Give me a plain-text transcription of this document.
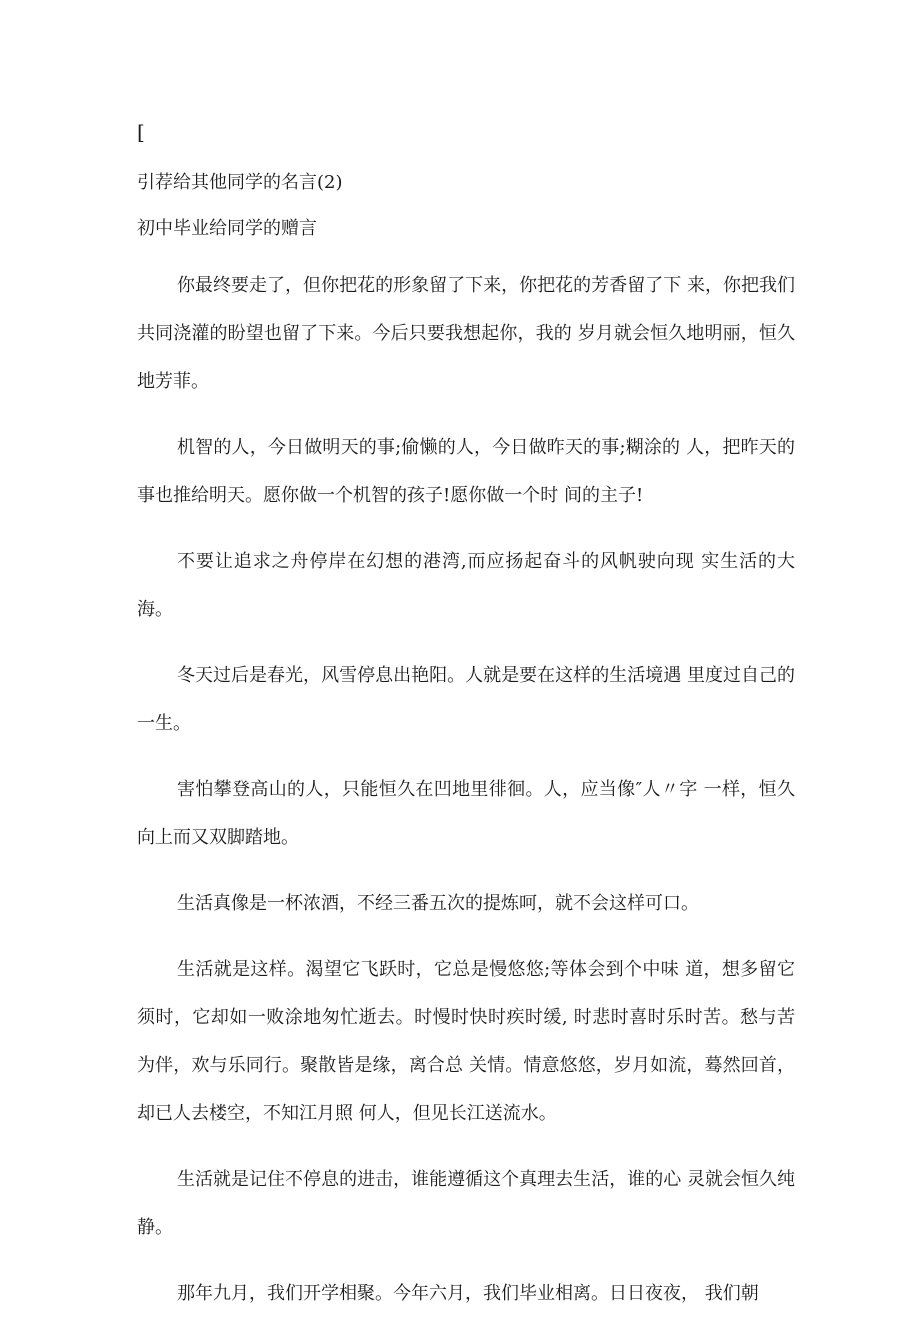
[

引荐给其他同学的名言(2)

初中毕业给同学的赠言

你最终要走了，但你把花的形象留了下来，你把花的芳香留了下 来，你把我们共同浇灌的盼望也留了下来。今后只要我想起你，我的 岁月就会恒久地明丽，恒久地芳菲。

机智的人，今日做明天的事;偷懒的人，今日做昨天的事;糊涂的 人，把昨天的事也推给明天。愿你做一个机智的孩子!愿你做一个时 间的主子!

不要让追求之舟停岸在幻想的港湾,而应扬起奋斗的风帆驶向现 实生活的大海。

冬天过后是春光，风雪停息出艳阳。人就是要在这样的生活境遇 里度过自己的一生。

害怕攀登高山的人，只能恒久在凹地里徘徊。人，应当像″人〃字 一样，恒久向上而又双脚踏地。

生活真像是一杯浓酒，不经三番五次的提炼呵，就不会这样可口。

生活就是这样。渴望它飞跃时，它总是慢悠悠;等体会到个中味 道，想多留它须时，它却如一败涂地匆忙逝去。时慢时快时疾时缓, 时悲时喜时乐时苦。愁与苦为伴，欢与乐同行。聚散皆是缘，离合总 关情。情意悠悠，岁月如流，蓦然回首，却已人去楼空，不知江月照 何人，但见长江送流水。

生活就是记住不停息的进击，谁能遵循这个真理去生活，谁的心 灵就会恒久纯静。

那年九月，我们开学相聚。今年六月，我们毕业相离。日日夜夜， 我们朝
